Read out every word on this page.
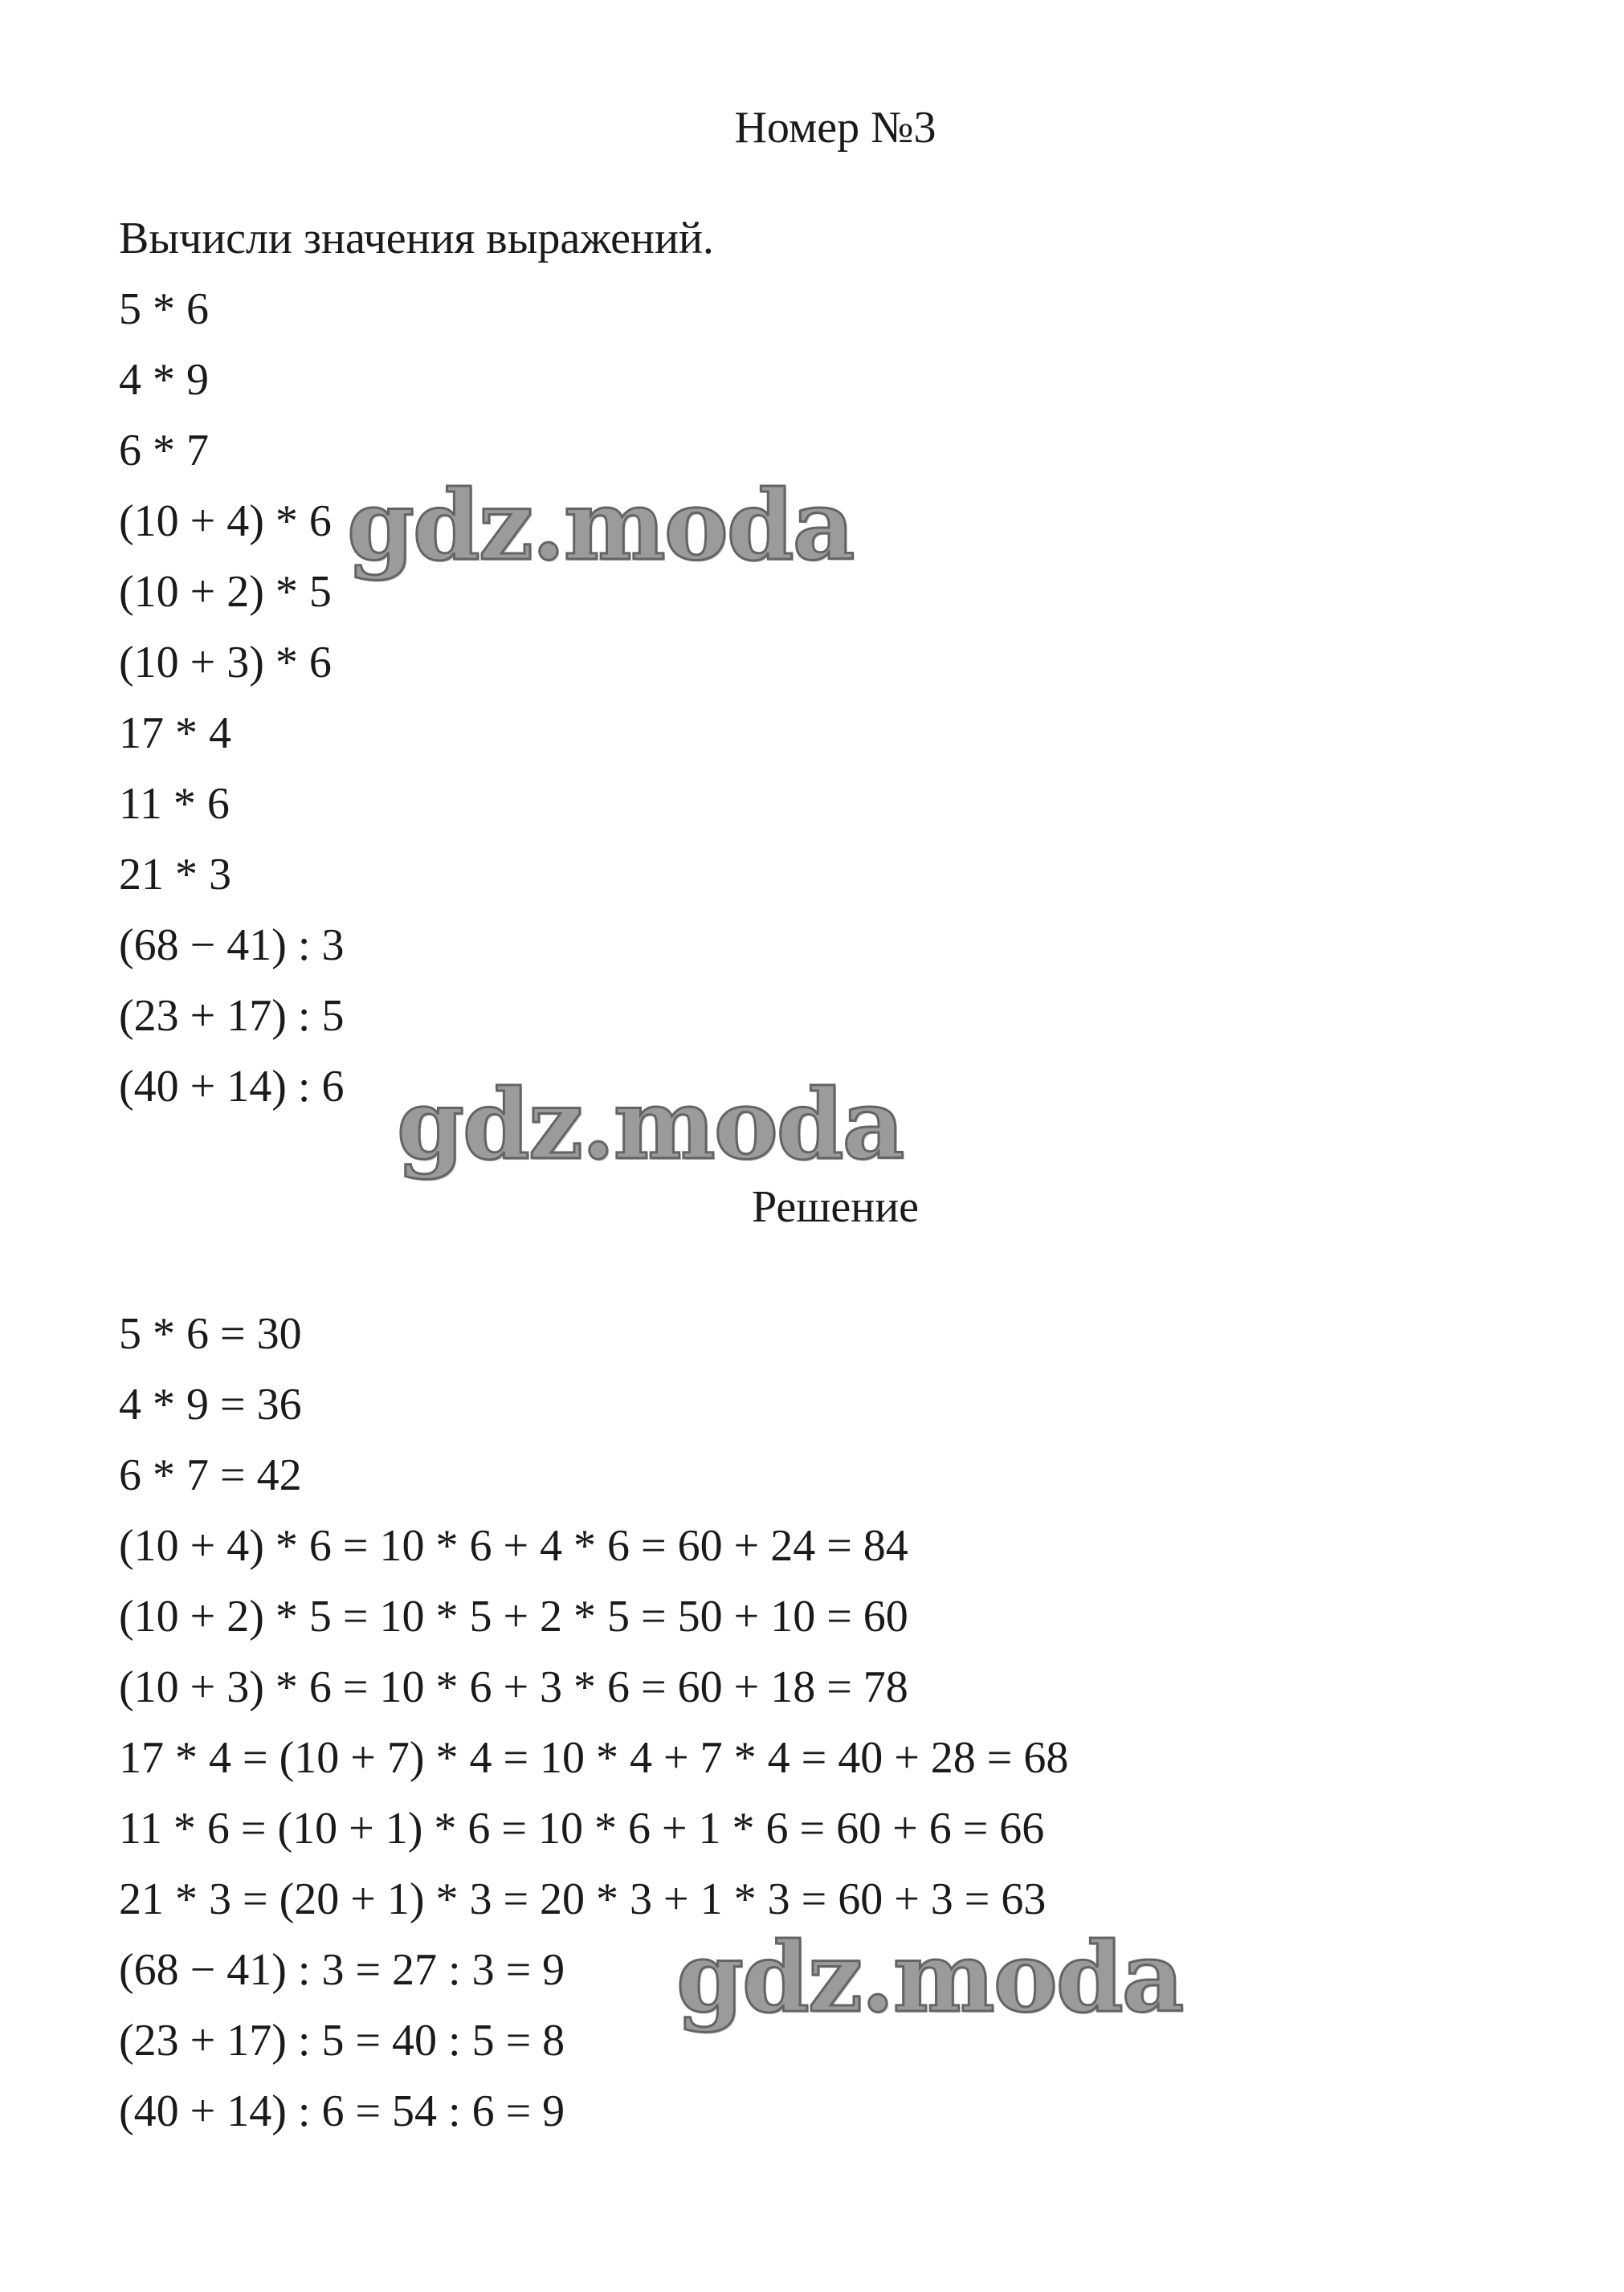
Номер №3
Вычисли значения выражений.
5 * 6
4 * 9
6 * 7
(10 + 4) * 6
(10 + 2) * 5
(10 + 3) * 6
17 * 4
11 * 6
21 * 3
(68 − 41) : 3
(23 + 17) : 5
(40 + 14) : 6
Решение
5 * 6 = 30
4 * 9 = 36
6 * 7 = 42
(10 + 4) * 6 = 10 * 6 + 4 * 6 = 60 + 24 = 84
(10 + 2) * 5 = 10 * 5 + 2 * 5 = 50 + 10 = 60
(10 + 3) * 6 = 10 * 6 + 3 * 6 = 60 + 18 = 78
17 * 4 = (10 + 7) * 4 = 10 * 4 + 7 * 4 = 40 + 28 = 68
11 * 6 = (10 + 1) * 6 = 10 * 6 + 1 * 6 = 60 + 6 = 66
21 * 3 = (20 + 1) * 3 = 20 * 3 + 1 * 3 = 60 + 3 = 63
(68 − 41) : 3 = 27 : 3 = 9
(23 + 17) : 5 = 40 : 5 = 8
(40 + 14) : 6 = 54 : 6 = 9
gdz.moda
gdz.moda
gdz.moda
